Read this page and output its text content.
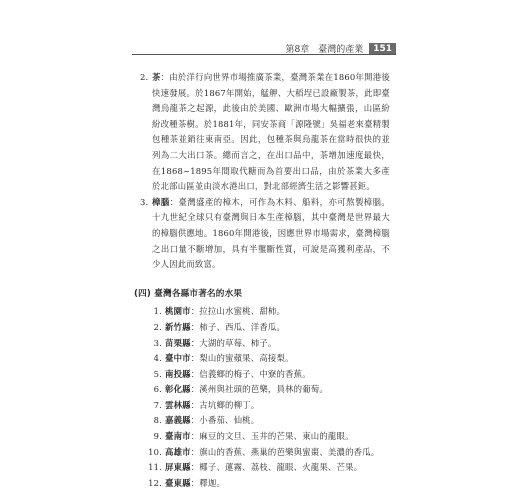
第8章　臺灣的產業	151
2. 茶：由於洋行向世界市場推廣茶業，臺灣茶業在1860年開港後快速發展。於1867年開始，艋舺、大稻埕已設廠製茶，此即臺灣烏龍茶之起源，此後由於美國、歐洲市場大幅擴張，山區紛紛改種茶樹。於1881年，同安茶商「源隆號」吳福老來臺精製包種茶並銷往東南亞。因此，包種茶與烏龍茶在當時很快的並列為二大出口茶。總而言之，在出口品中，茶增加速度最快，在1868~1895年間取代糖而為首要出口品，由於茶業大多產於北部山區並由淡水港出口，對北部經濟生活之影響甚鉅。
3. 樟腦：臺灣盛產的樟木，可作為木料、船料，亦可熬製樟腦。十九世紀全球只有臺灣與日本生產樟腦，其中臺灣是世界最大的樟腦供應地。1860年開港後，因應世界市場需求，臺灣樟腦之出口量不斷增加，具有半壟斷性質，可說是高獲利產品，不少人因此而致富。
(四) 臺灣各縣市著名的水果
1. 桃園市：拉拉山水蜜桃、甜柿。
2. 新竹縣：柿子、西瓜、洋香瓜。
3. 苗栗縣：大湖的草莓、柿子。
4. 臺中市：梨山的蜜蘋果、高接梨。
5. 南投縣：信義鄉的梅子、中寮的香蕉。
6. 彰化縣：溪州與社頭的芭樂，員林的葡萄。
7. 雲林縣：古坑鄉的柳丁。
8. 嘉義縣：小番茄、仙桃。
9. 臺南市：麻豆的文旦、玉井的芒果、東山的龍眼。
10. 高雄市：旗山的香蕉、燕巢的芭樂與蜜棗、美濃的香瓜。
11. 屏東縣：椰子、蓮霧、荔枝、龍眼、火龍果、芒果。
12. 臺東縣：釋迦。
